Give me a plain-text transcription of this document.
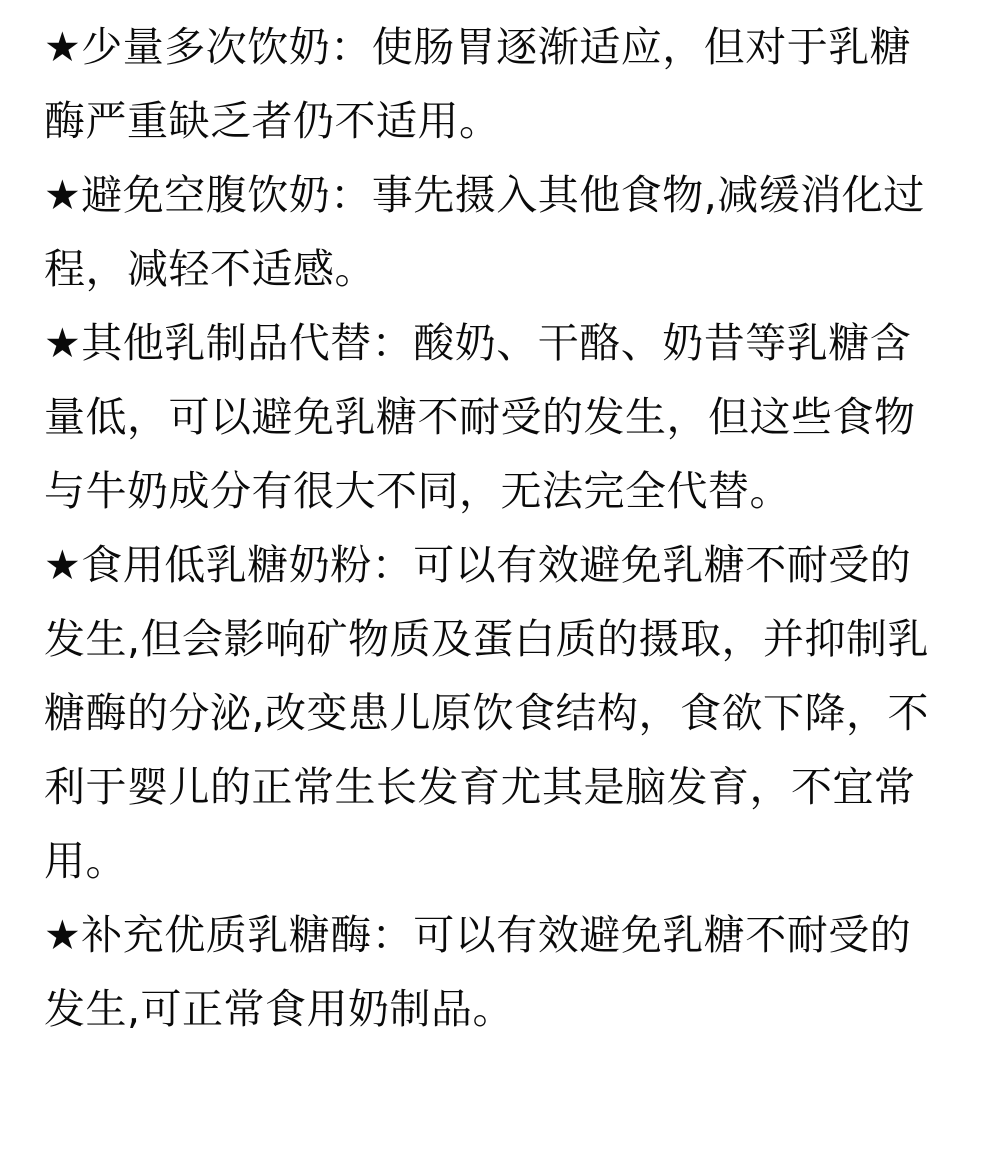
★少量多次饮奶：使肠胃逐渐适应，但对于乳糖
酶严重缺乏者仍不适用。
★避免空腹饮奶：事先摄入其他食物,减缓消化过
程，减轻不适感。
★其他乳制品代替：酸奶、干酪、奶昔等乳糖含
量低，可以避免乳糖不耐受的发生，但这些食物
与牛奶成分有很大不同，无法完全代替。
★食用低乳糖奶粉：可以有效避免乳糖不耐受的
发生,但会影响矿物质及蛋白质的摄取，并抑制乳
糖酶的分泌,改变患儿原饮食结构，食欲下降，不
利于婴儿的正常生长发育尤其是脑发育，不宜常
用。
★补充优质乳糖酶：可以有效避免乳糖不耐受的
发生,可正常食用奶制品。
